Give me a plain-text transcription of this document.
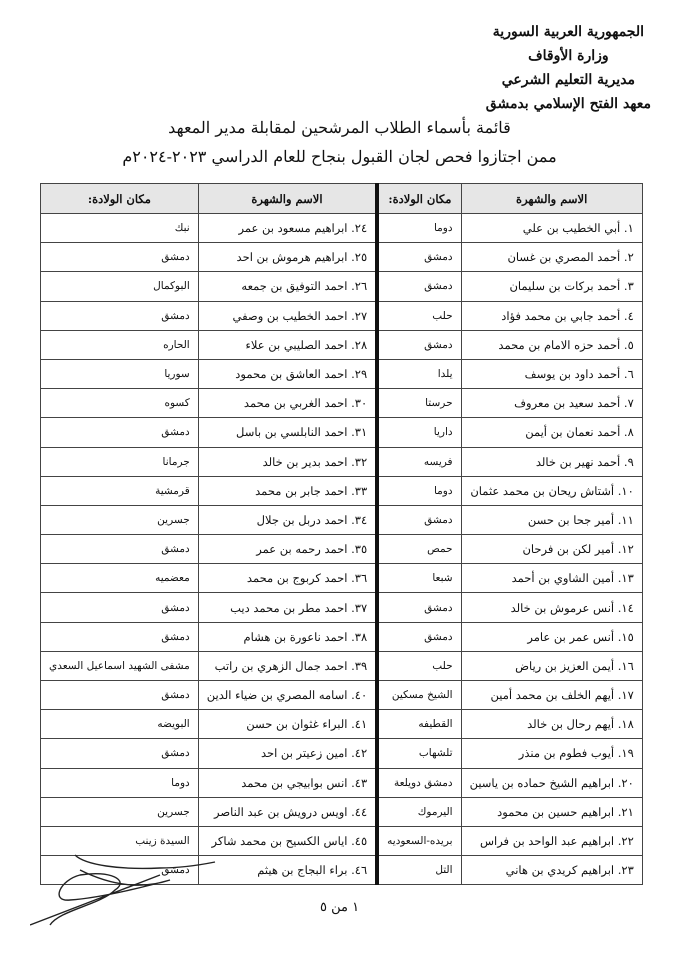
الجمهورية العربية السورية
وزارة الأوقاف
مديرية التعليم الشرعي
معهد الفتح الإسلامي بدمشق
قائمة بأسماء الطلاب المرشحين لمقابلة مدير المعهد
ممن اجتازوا فحص لجان القبول بنجاح للعام الدراسي ٢٠٢٣-٢٠٢٤م
الاسم والشهرة	مكان الولادة:	الاسم والشهرة	مكان الولادة:
١. أبي الخطيب بن علي	دوما	٢٤. ابراهيم مسعود بن عمر	نبك
٢. أحمد المصري بن غسان	دمشق	٢٥. ابراهيم هرموش بن احد	دمشق
٣. أحمد بركات بن سليمان	دمشق	٢٦. احمد التوفيق بن جمعه	البوكمال
٤. أحمد جابي بن محمد فؤاد	حلب	٢٧. احمد الخطيب بن وصفي	دمشق
٥. أحمد حزه الامام بن محمد	دمشق	٢٨. احمد الصليبي بن علاء	الحاره
٦. أحمد داود بن يوسف	يلدا	٢٩. احمد العاشق بن محمود	سوريا
٧. أحمد سعيد بن معروف	حرستا	٣٠. احمد الغربي بن محمد	كسوه
٨. أحمد نعمان بن أيمن	داريا	٣١. احمد النابلسي بن باسل	دمشق
٩. أحمد نهير بن خالد	فريسه	٣٢. احمد بدير بن خالد	جرمانا
١٠. أشتاش ريحان بن محمد عثمان	دوما	٣٣. احمد جابر بن محمد	قرمشية
١١. أمير جحا بن حسن	دمشق	٣٤. احمد دربل بن جلال	جسرين
١٢. أمير لكن بن فرحان	حمص	٣٥. احمد رحمه بن عمر	دمشق
١٣. أمين الشاوي بن أحمد	شبعا	٣٦. احمد كربوج بن محمد	معضميه
١٤. أنس عرموش بن خالد	دمشق	٣٧. احمد مطر بن محمد ديب	دمشق
١٥. أنس عمر بن عامر	دمشق	٣٨. احمد ناعورة بن هشام	دمشق
١٦. أيمن العزيز بن رياض	حلب	٣٩. احمد جمال الزهري بن راتب	مشفى الشهيد اسماعيل السعدي
١٧. أيهم الخلف بن محمد أمين	الشيخ مسكين	٤٠. اسامه المصري بن ضياء الدين	دمشق
١٨. أيهم رحال بن خالد	القطيفه	٤١. البراء غثوان بن حسن	البويضه
١٩. أيوب فطوم بن منذر	تلشهاب	٤٢. امين زعيتر بن احد	دمشق
٢٠. ابراهيم الشيخ حماده بن ياسين	دمشق دويلعة	٤٣. انس بوابيجي بن محمد	دوما
٢١. ابراهيم حسين بن محمود	اليرموك	٤٤. اويس درويش بن عبد الناصر	جسرين
٢٢. ابراهيم عبد الواحد بن فراس	بريده-السعوديه	٤٥. اياس الكسيح بن محمد شاكر	السيدة زينب
٢٣. ابراهيم كريدي بن هاني	التل	٤٦. براء البجاج بن هيثم	دمشق
١ من ٥
